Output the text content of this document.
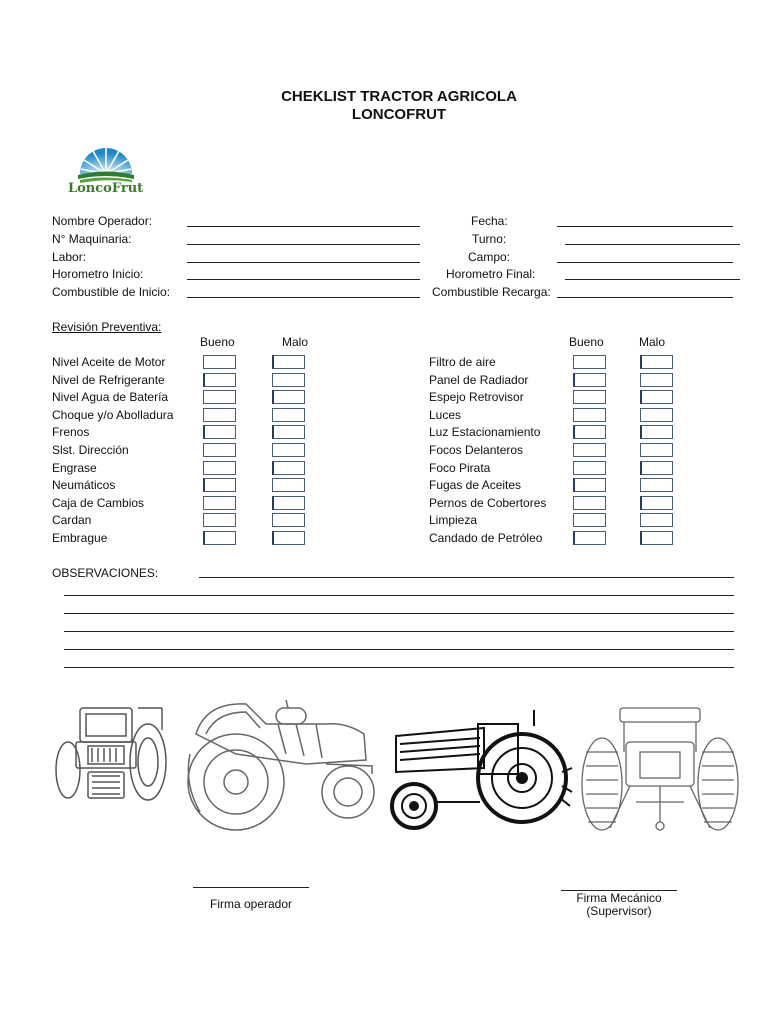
CHEKLIST TRACTOR AGRICOLA
LONCOFRUT
LoncoFrut
Nombre Operador:
N° Maquinaria:
Labor:
Horometro Inicio:
Combustible de Inicio:
Fecha:
Turno:
Campo:
Horometro Final:
Combustible Recarga:
Revisión Preventiva:
Bueno	Malo	Bueno	Malo
Nivel Aceite de Motor
Nivel de Refrigerante
Nivel Agua de Batería
Choque y/o Abolladura
Frenos
Slst. Dirección
Engrase
Neumáticos
Caja de Cambios
Cardan
Embrague
Filtro de aire
Panel de Radiador
Espejo Retrovisor
Luces
Luz Estacionamiento
Focos Delanteros
Foco Pirata
Fugas de Aceites
Pernos de Cobertores
Limpieza
Candado de Petróleo
OBSERVACIONES:
Firma operador	Firma Mecánico
(Supervisor)
